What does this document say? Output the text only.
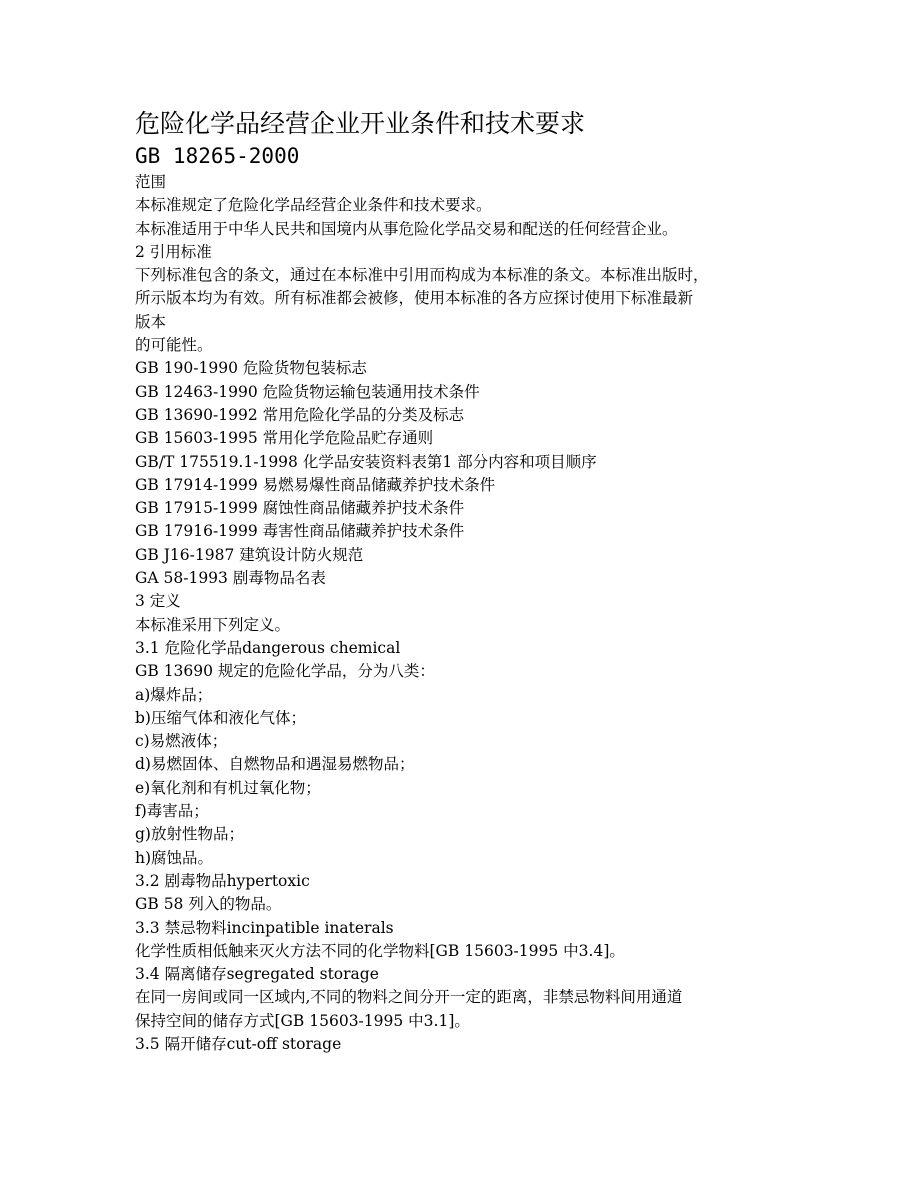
危险化学品经营企业开业条件和技术要求
GB 18265-2000

范围

本标准规定了危险化学品经营企业条件和技术要求。

本标准适用于中华人民共和国境内从事危险化学品交易和配送的任何经营企业。

2 引用标准

下列标准包含的条文，通过在本标准中引用而构成为本标准的条文。本标准出版时，

所示版本均为有效。所有标准都会被修，使用本标准的各方应探讨使用下标准最新

版本

的可能性。

GB 190-1990 危险货物包装标志

GB 12463-1990 危险货物运输包装通用技术条件

GB 13690-1992 常用危险化学品的分类及标志

GB 15603-1995 常用化学危险品贮存通则

GB/T 175519.1-1998 化学品安装资料表第1 部分内容和项目顺序

GB 17914-1999 易燃易爆性商品储藏养护技术条件

GB 17915-1999 腐蚀性商品储藏养护技术条件

GB 17916-1999 毒害性商品储藏养护技术条件

GB J16-1987 建筑设计防火规范

GA 58-1993 剧毒物品名表

3 定义

本标准采用下列定义。

3.1 危险化学品dangerous chemical

GB 13690 规定的危险化学品，分为八类：

a)爆炸品；

b)压缩气体和液化气体；

c)易燃液体；

d)易燃固体、自燃物品和遇湿易燃物品；

e)氧化剂和有机过氧化物；

f)毒害品；

g)放射性物品；

h)腐蚀品。

3.2 剧毒物品hypertoxic

GB 58 列入的物品。

3.3 禁忌物料incinpatible inaterals

化学性质相低触来灭火方法不同的化学物料[GB 15603-1995 中3.4]。

3.4 隔离储存segregated storage

在同一房间或同一区域内,不同的物料之间分开一定的距离，非禁忌物料间用通道

保持空间的储存方式[GB 15603-1995 中3.1]。

3.5 隔开储存cut-off storage
